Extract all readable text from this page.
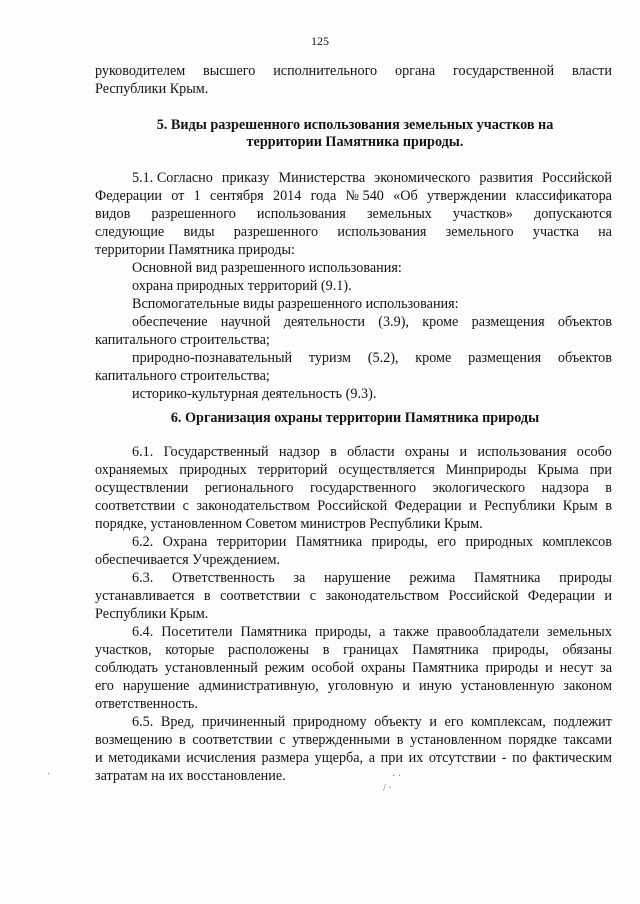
125
руководителем высшего исполнительного органа государственной власти
Республики Крым.
5. Виды разрешенного использования земельных участков на
территории Памятника природы.
5.1. Согласно приказу Министерства экономического развития Российской
Федерации от 1 сентября 2014 года № 540 «Об утверждении классификатора
видов разрешенного использования земельных участков» допускаются
следующие виды разрешенного использования земельного участка на
территории Памятника природы:
Основной вид разрешенного использования:
охрана природных территорий (9.1).
Вспомогательные виды разрешенного использования:
обеспечение научной деятельности (3.9), кроме размещения объектов
капитального строительства;
природно-познавательный туризм (5.2), кроме размещения объектов
капитального строительства;
историко-культурная деятельность (9.3).
6. Организация охраны территории Памятника природы
6.1. Государственный надзор в области охраны и использования особо
охраняемых природных территорий осуществляется Минприроды Крыма при
осуществлении регионального государственного экологического надзора в
соответствии с законодательством Российской Федерации и Республики Крым в
порядке, установленном Советом министров Республики Крым.
6.2. Охрана территории Памятника природы, его природных комплексов
обеспечивается Учреждением.
6.3. Ответственность за нарушение режима Памятника природы
устанавливается в соответствии с законодательством Российской Федерации и
Республики Крым.
6.4. Посетители Памятника природы, а также правообладатели земельных
участков, которые расположены в границах Памятника природы, обязаны
соблюдать установленный режим особой охраны Памятника природы и несут за
его нарушение административную, уголовную и иную установленную законом
ответственность.
6.5. Вред, причиненный природному объекту и его комплексам, подлежит
возмещению в соответствии с утвержденными в установленном порядке таксами
и методиками исчисления размера ущерба, а при их отсутствии - по фактическим
затратам на их восстановление.
·	· ·
/ ·
